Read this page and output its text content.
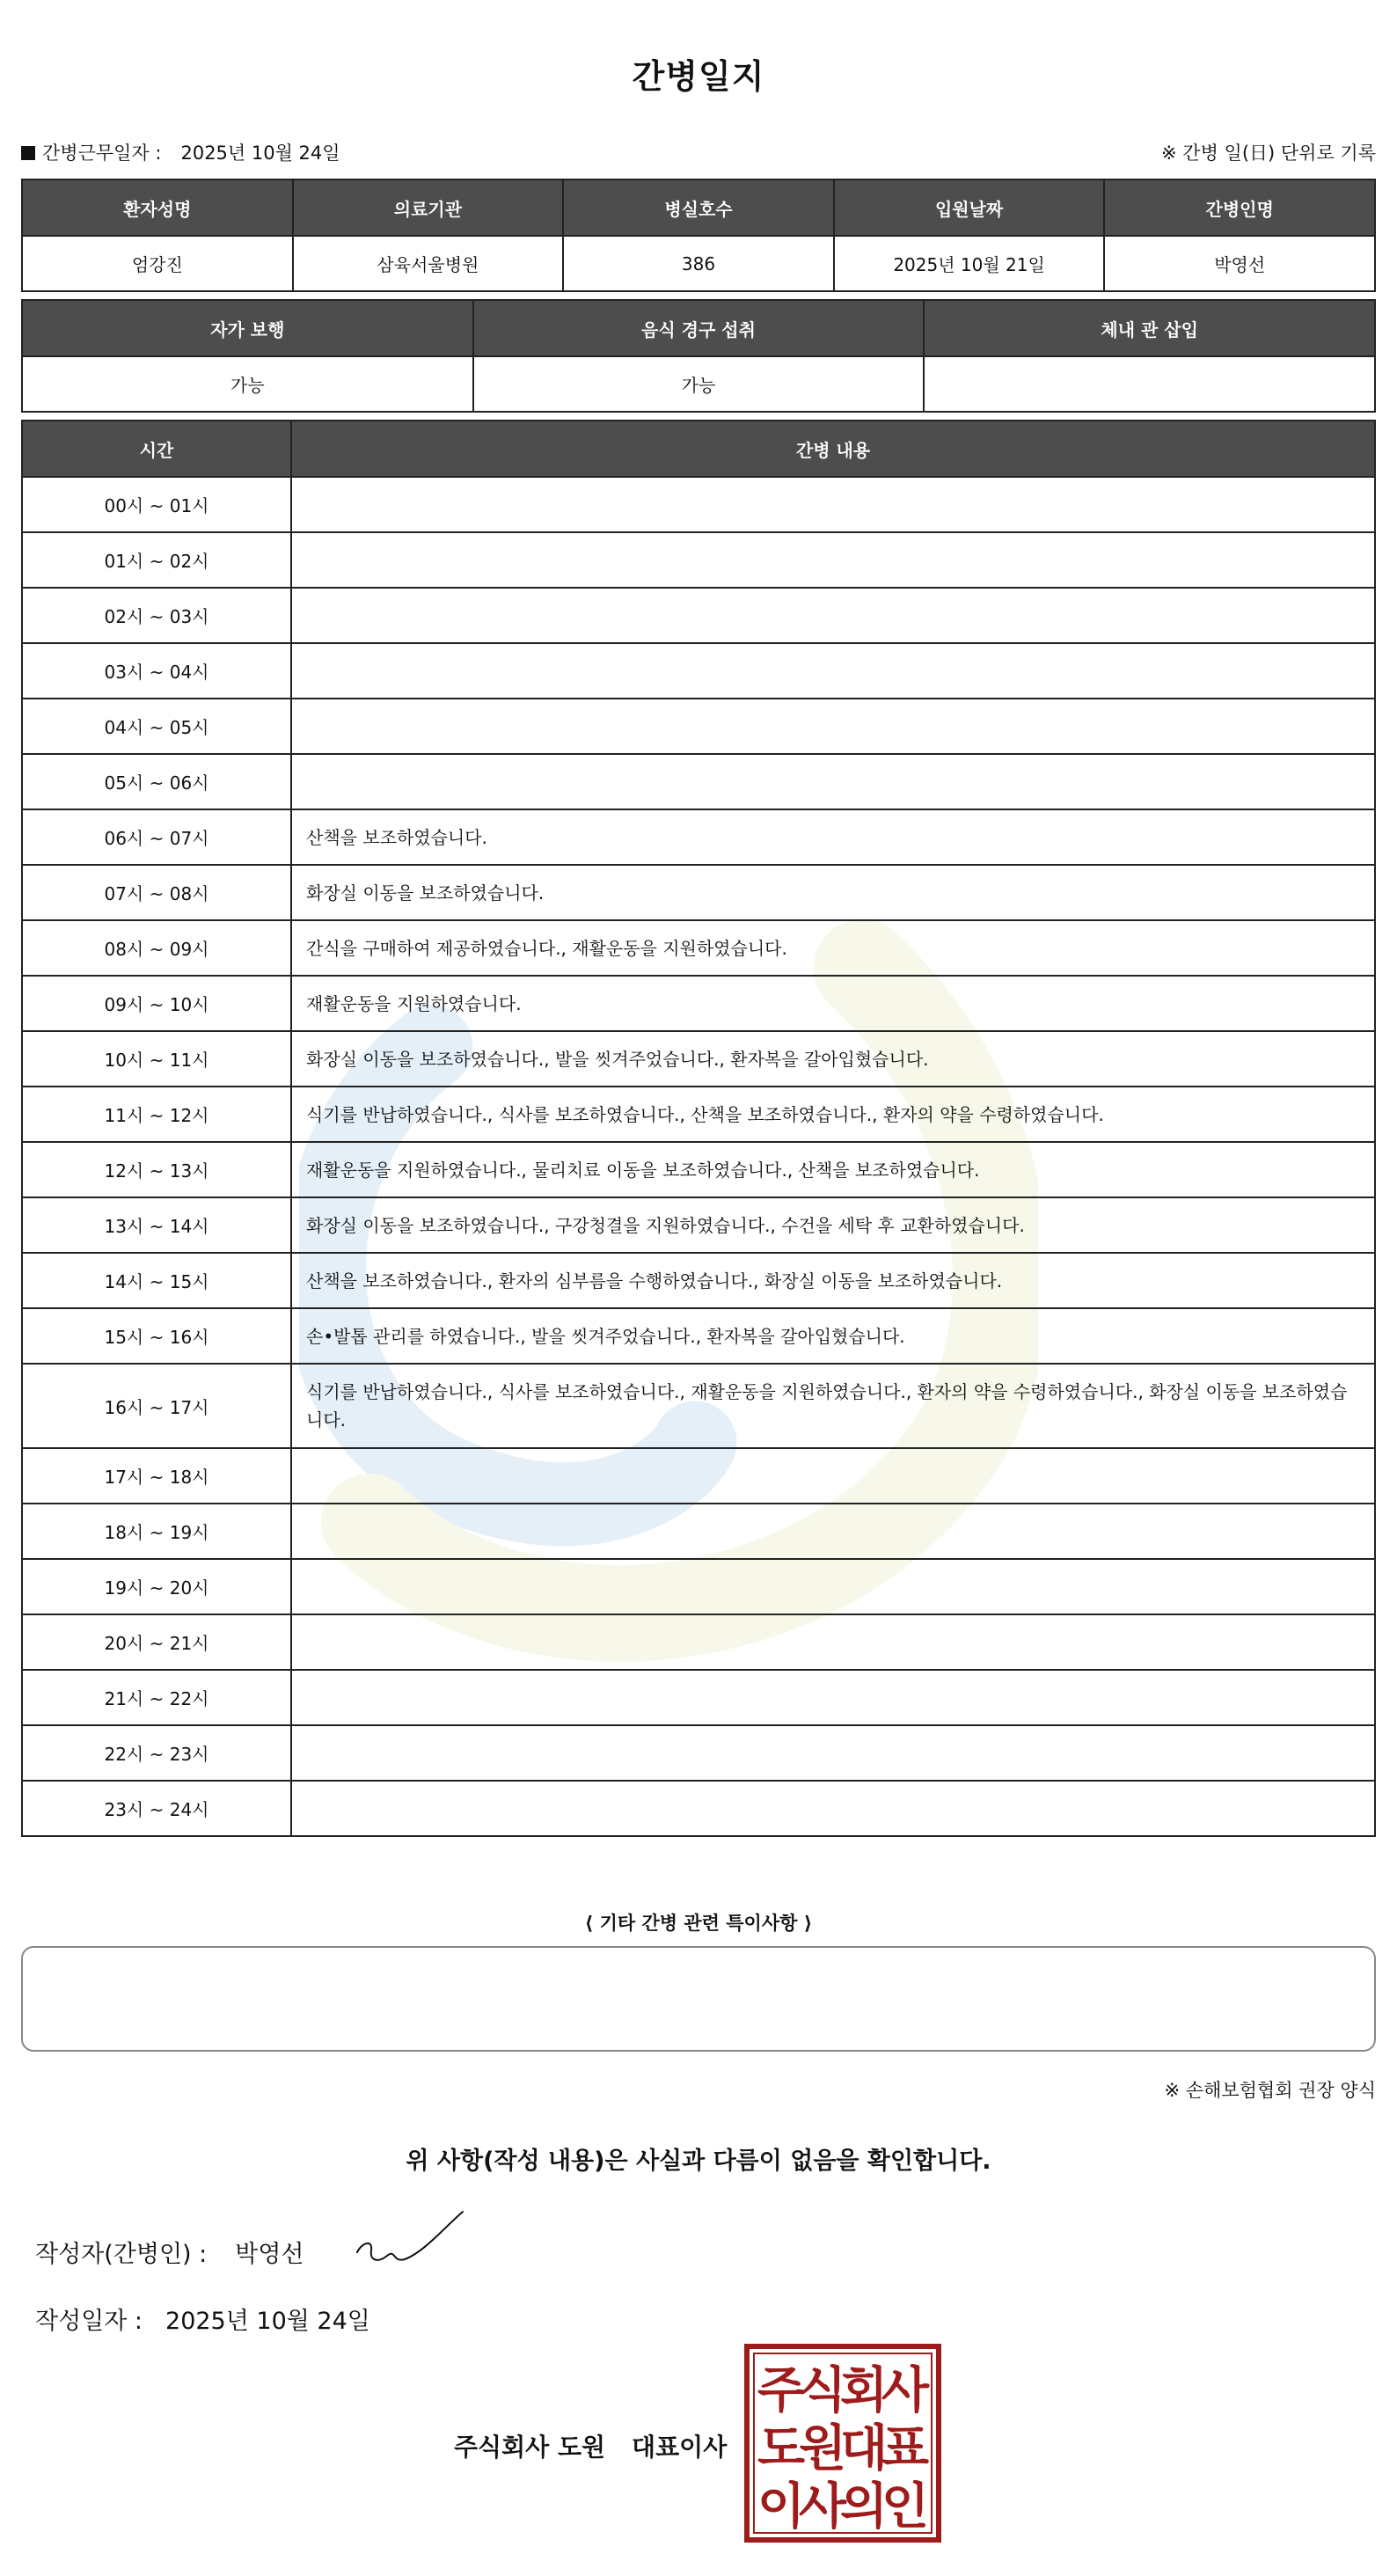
간병일지
간병근무일자 : 2025년 10월 24일	※ 간병 일(日) 단위로 기록
환자성명	의료기관	병실호수	입원날짜	간병인명
엄강진	삼육서울병원	386	2025년 10월 21일	박영선
자가 보행	음식 경구 섭취	체내 관 삽입
가능	가능	
시간	간병 내용
00시 ~ 01시	
01시 ~ 02시	
02시 ~ 03시	
03시 ~ 04시	
04시 ~ 05시	
05시 ~ 06시	
06시 ~ 07시	산책을 보조하였습니다.
07시 ~ 08시	화장실 이동을 보조하였습니다.
08시 ~ 09시	간식을 구매하여 제공하였습니다., 재활운동을 지원하였습니다.
09시 ~ 10시	재활운동을 지원하였습니다.
10시 ~ 11시	화장실 이동을 보조하였습니다., 발을 씻겨주었습니다., 환자복을 갈아입혔습니다.
11시 ~ 12시	식기를 반납하였습니다., 식사를 보조하였습니다., 산책을 보조하였습니다., 환자의 약을 수령하였습니다.
12시 ~ 13시	재활운동을 지원하였습니다., 물리치료 이동을 보조하였습니다., 산책을 보조하였습니다.
13시 ~ 14시	화장실 이동을 보조하였습니다., 구강청결을 지원하였습니다., 수건을 세탁 후 교환하였습니다.
14시 ~ 15시	산책을 보조하였습니다., 환자의 심부름을 수행하였습니다., 화장실 이동을 보조하였습니다.
15시 ~ 16시	손•발톱 관리를 하였습니다., 발을 씻겨주었습니다., 환자복을 갈아입혔습니다.
16시 ~ 17시	식기를 반납하였습니다., 식사를 보조하였습니다., 재활운동을 지원하였습니다., 환자의 약을 수령하였습니다., 화장실 이동을 보조하였습니다.
17시 ~ 18시	
18시 ~ 19시	
19시 ~ 20시	
20시 ~ 21시	
21시 ~ 22시	
22시 ~ 23시	
23시 ~ 24시	
⟨ 기타 간병 관련 특이사항 ⟩
※ 손해보험협회 권장 양식
위 사항(작성 내용)은 사실과 다름이 없음을 확인합니다.
작성자(간병인) : 박영선
작성일자 : 2025년 10월 24일
주식회사 도원 대표이사
주
식
회
사
도
원
대
표
이
사
의
인
